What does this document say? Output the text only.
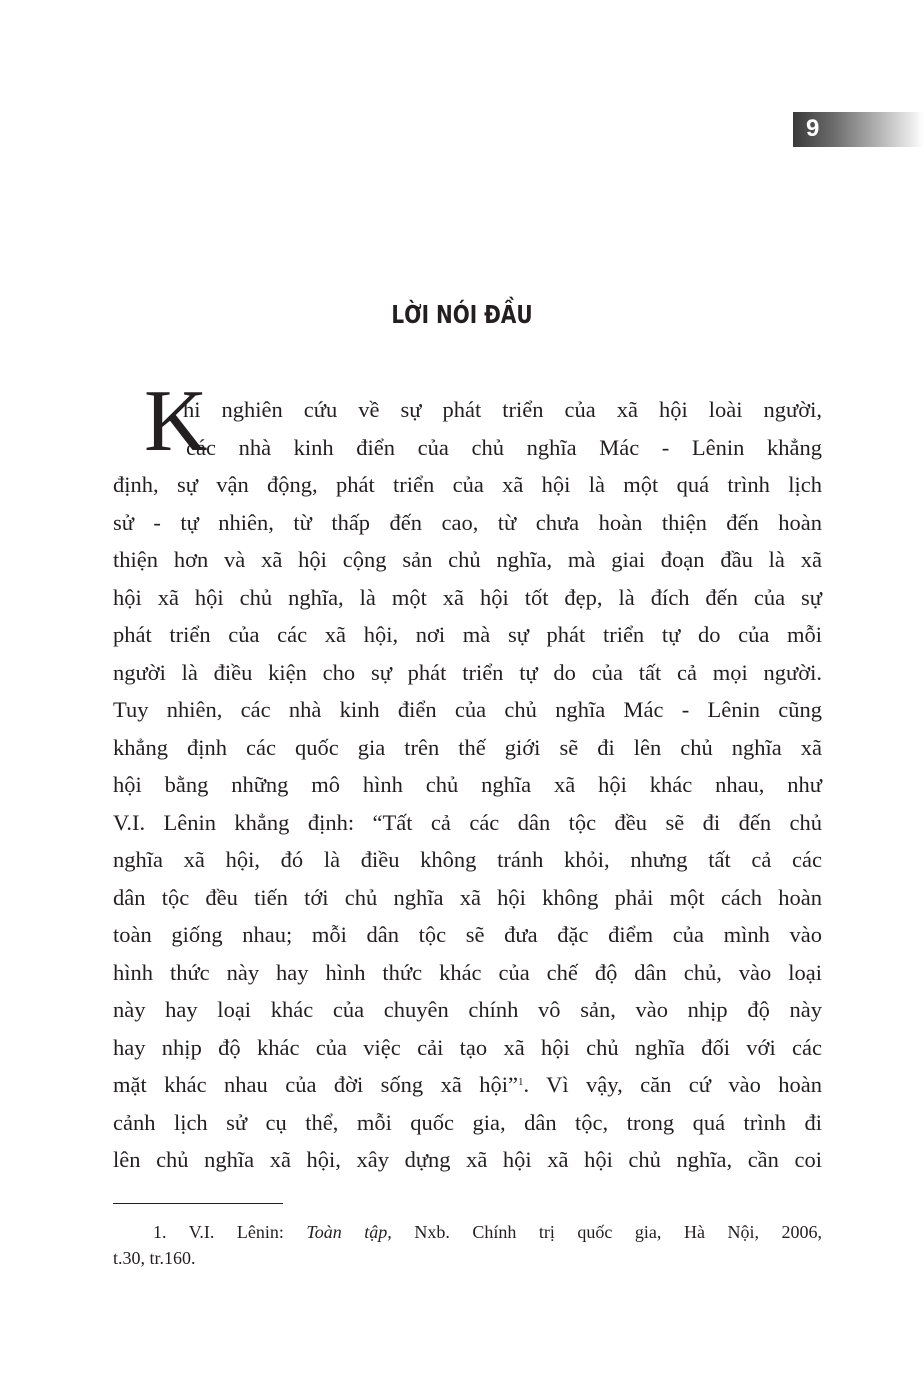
9
LỜI NÓI ĐẦU
K
hi nghiên cứu về sự phát triển của xã hội loài người,
các nhà kinh điển của chủ nghĩa Mác - Lênin khẳng
định, sự vận động, phát triển của xã hội là một quá trình lịch
sử - tự nhiên, từ thấp đến cao, từ chưa hoàn thiện đến hoàn
thiện hơn và xã hội cộng sản chủ nghĩa, mà giai đoạn đầu là xã
hội xã hội chủ nghĩa, là một xã hội tốt đẹp, là đích đến của sự
phát triển của các xã hội, nơi mà sự phát triển tự do của mỗi
người là điều kiện cho sự phát triển tự do của tất cả mọi người.
Tuy nhiên, các nhà kinh điển của chủ nghĩa Mác - Lênin cũng
khẳng định các quốc gia trên thế giới sẽ đi lên chủ nghĩa xã
hội bằng những mô hình chủ nghĩa xã hội khác nhau, như
V.I. Lênin khẳng định: “Tất cả các dân tộc đều sẽ đi đến chủ
nghĩa xã hội, đó là điều không tránh khỏi, nhưng tất cả các
dân tộc đều tiến tới chủ nghĩa xã hội không phải một cách hoàn
toàn giống nhau; mỗi dân tộc sẽ đưa đặc điểm của mình vào
hình thức này hay hình thức khác của chế độ dân chủ, vào loại
này hay loại khác của chuyên chính vô sản, vào nhịp độ này
hay nhịp độ khác của việc cải tạo xã hội chủ nghĩa đối với các
mặt khác nhau của đời sống xã hội”$^1$. Vì vậy, căn cứ vào hoàn
cảnh lịch sử cụ thể, mỗi quốc gia, dân tộc, trong quá trình đi
lên chủ nghĩa xã hội, xây dựng xã hội xã hội chủ nghĩa, cần coi
1. V.I. Lênin: Toàn tập, Nxb. Chính trị quốc gia, Hà Nội, 2006,
t.30, tr.160.
